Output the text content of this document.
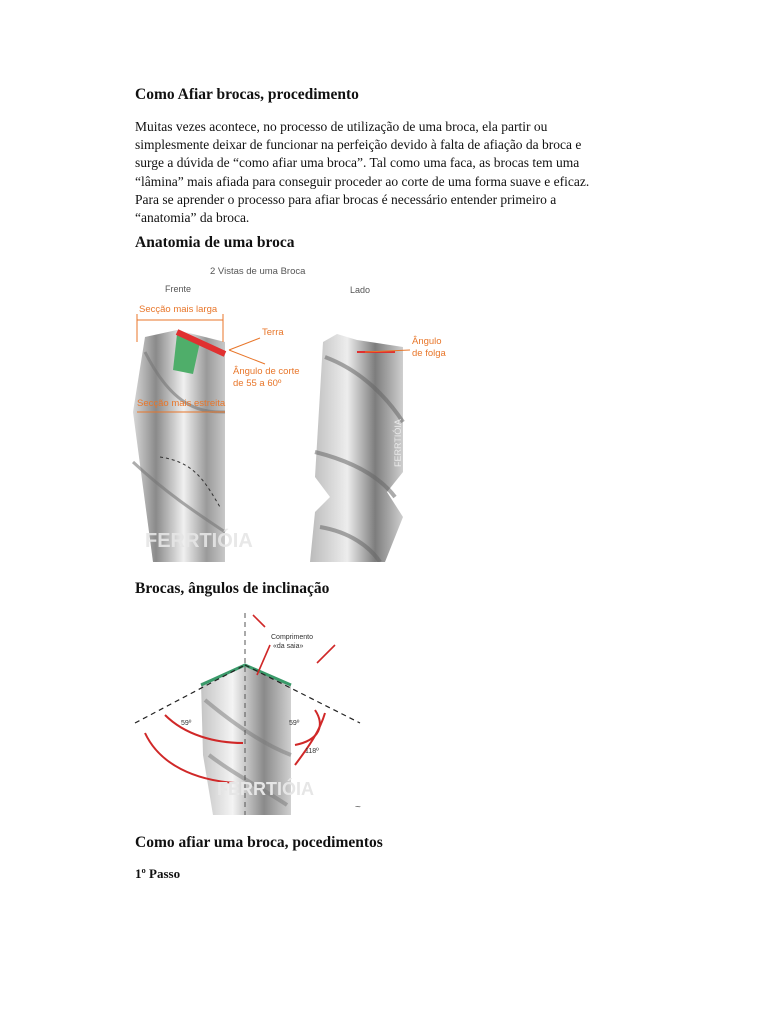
Como Afiar brocas, procedimento
Muitas vezes acontece, no processo de utilização de uma broca, ela partir ou
simplesmente deixar de funcionar na perfeição devido à falta de afiação da broca e
surge a dúvida de “como afiar uma broca”. Tal como uma faca, as brocas tem uma
“lâmina” mais afiada para conseguir proceder ao corte de uma forma suave e eficaz.
Para se aprender o processo para afiar brocas é necessário entender primeiro a
“anatomia” da broca.
Anatomia de uma broca
2 Vistas de uma Broca
Frente	Lado
Secção mais larga
Terra
Ângulo de corte
de 55 a 60º
Secção mais estreita
FERRTIÓIA
Ângulo
de folga
FERRTIÓIA
Brocas, ângulos de inclinação
Comprimento
«da saia»
59º	59º
118º
FERRTIÓIA
~
Como afiar uma broca, pocedimentos
1º Passo
